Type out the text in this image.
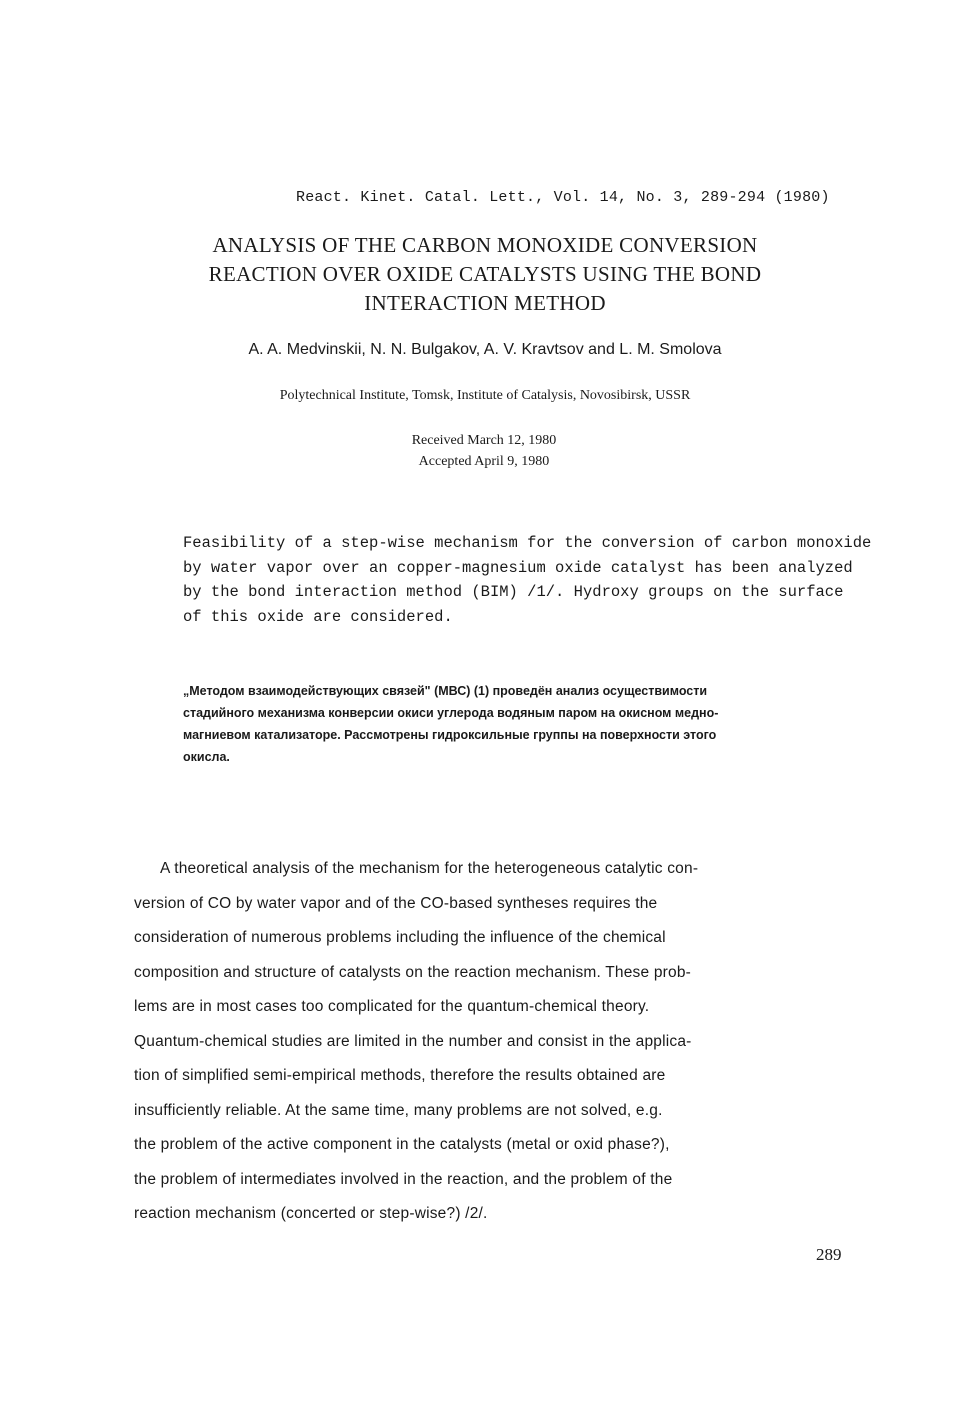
React. Kinet. Catal. Lett., Vol. 14, No. 3, 289-294 (1980)
ANALYSIS OF THE CARBON MONOXIDE CONVERSION
REACTION OVER OXIDE CATALYSTS USING THE BOND
INTERACTION METHOD
A. A. Medvinskii, N. N. Bulgakov, A. V. Kravtsov and L. M. Smolova
Polytechnical Institute, Tomsk, Institute of Catalysis, Novosibirsk, USSR
Received March 12, 1980
Accepted April 9, 1980
Feasibility of a step-wise mechanism for the conversion of carbon monoxide
by water vapor over an copper-magnesium oxide catalyst has been analyzed
by the bond interaction method (BIM) /1/. Hydroxy groups on the surface
of this oxide are considered.
„Методом взаимодействующих связей" (МВС) (1) проведён анализ осуществимости
стадийного механизма конверсии окиси углерода водяным паром на окисном медно-
магниевом катализаторе. Рассмотрены гидроксильные группы на поверхности этого
окисла.
A theoretical analysis of the mechanism for the heterogeneous catalytic con-
version of CO by water vapor and of the CO-based syntheses requires the
consideration of numerous problems including the influence of the chemical
composition and structure of catalysts on the reaction mechanism. These prob-
lems are in most cases too complicated for the quantum-chemical theory.
Quantum-chemical studies are limited in the number and consist in the applica-
tion of simplified semi-empirical methods, therefore the results obtained are
insufficiently reliable. At the same time, many problems are not solved, e.g.
the problem of the active component in the catalysts (metal or oxid phase?),
the problem of intermediates involved in the reaction, and the problem of the
reaction mechanism (concerted or step-wise?) /2/.
289
